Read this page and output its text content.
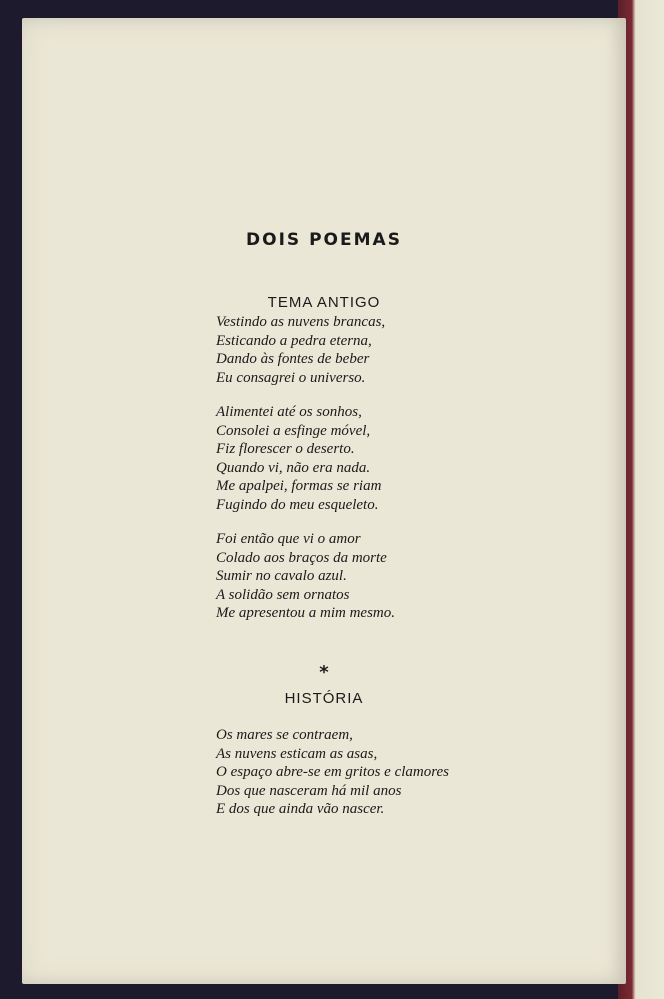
DOIS POEMAS
TEMA ANTIGO
Vestindo as nuvens brancas,
Esticando a pedra eterna,
Dando às fontes de beber
Eu consagrei o universo.
Alimentei até os sonhos,
Consolei a esfinge móvel,
Fiz florescer o deserto.
Quando vi, não era nada.
Me apalpei, formas se riam
Fugindo do meu esqueleto.
Foi então que vi o amor
Colado aos braços da morte
Sumir no cavalo azul.
A solidão sem ornatos
Me apresentou a mim mesmo.
*
HISTÓRIA
Os mares se contraem,
As nuvens esticam as asas,
O espaço abre-se em gritos e clamores
Dos que nasceram há mil anos
E dos que ainda vão nascer.
